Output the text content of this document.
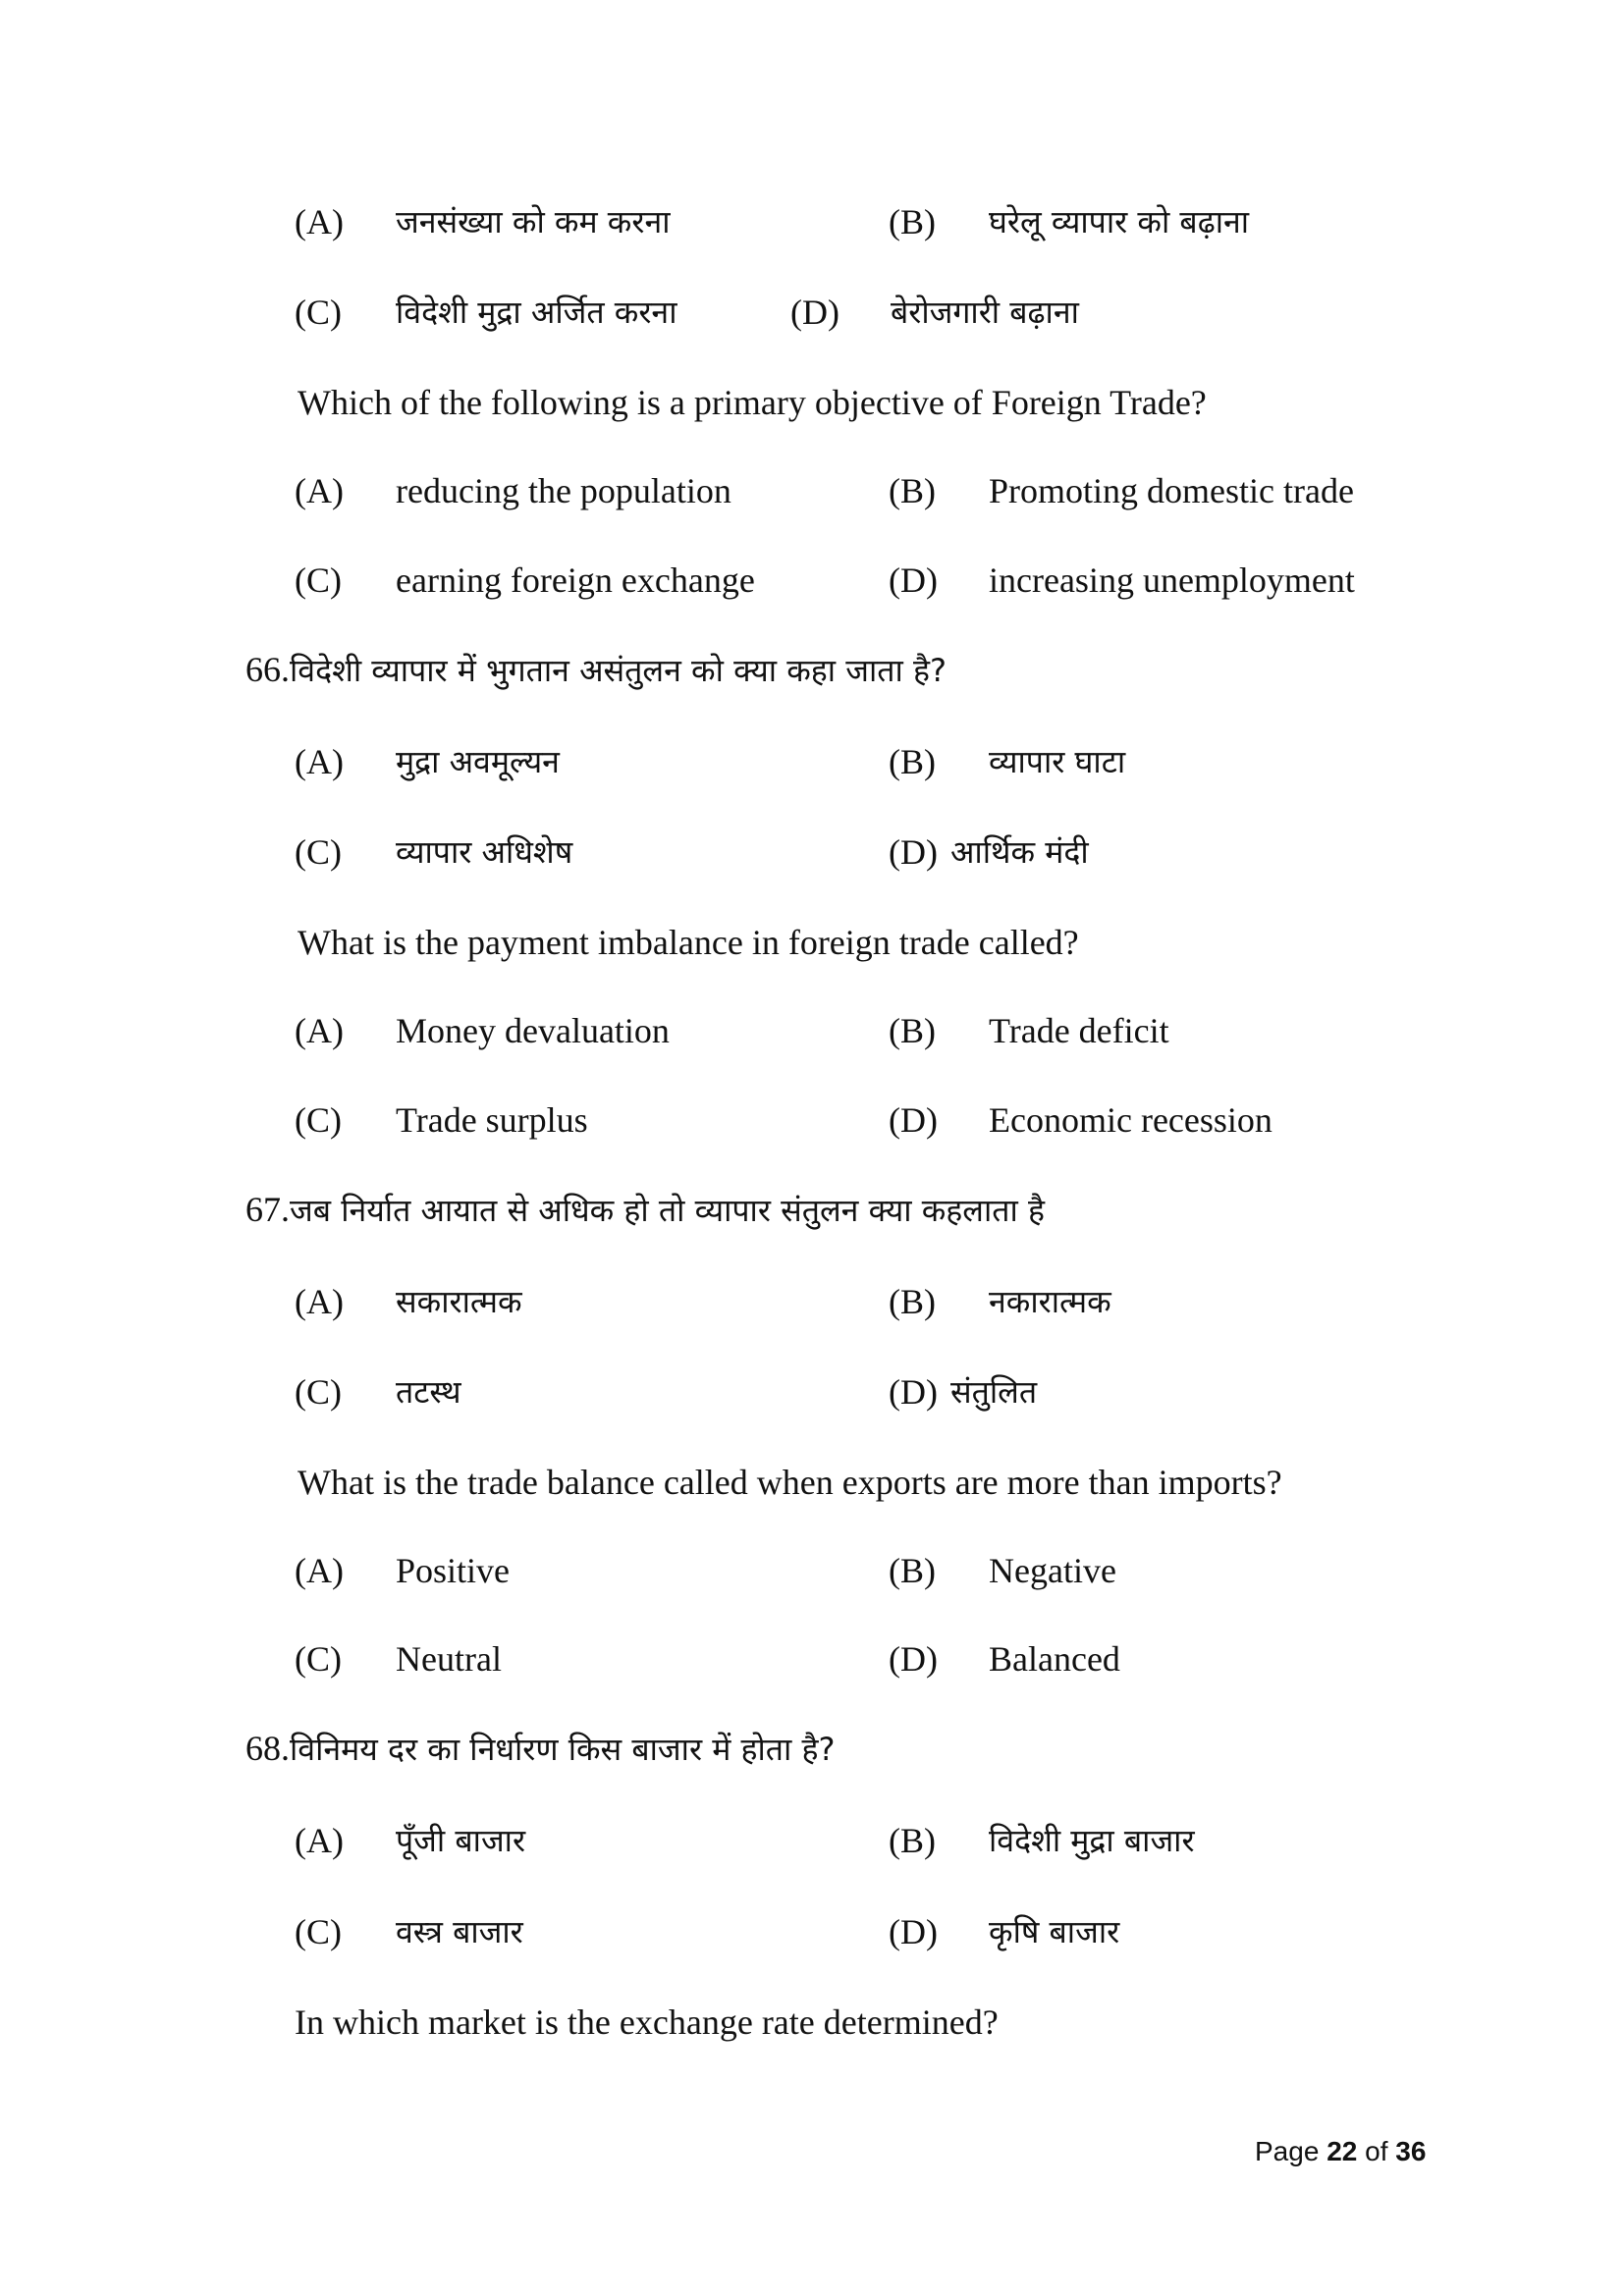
(A) जनसंख्या को कम करना	(B) घरेलू व्यापार को बढ़ाना
(C) विदेशी मुद्रा अर्जित करना	(D) बेरोजगारी बढ़ाना
Which of the following is a primary objective of Foreign Trade?
(A) reducing the population	(B) Promoting domestic trade
(C) earning foreign exchange	(D) increasing unemployment
66.विदेशी व्यापार में भुगतान असंतुलन को क्या कहा जाता है?
(A) मुद्रा अवमूल्यन	(B) व्यापार घाटा
(C) व्यापार अधिशेष	(D) आर्थिक मंदी
What is the payment imbalance in foreign trade called?
(A) Money devaluation	(B) Trade deficit
(C) Trade surplus	(D) Economic recession
67.जब निर्यात आयात से अधिक हो तो व्यापार संतुलन क्या कहलाता है
(A) सकारात्मक	(B) नकारात्मक
(C) तटस्थ	(D) संतुलित
What is the trade balance called when exports are more than imports?
(A) Positive	(B) Negative
(C) Neutral	(D) Balanced
68.विनिमय दर का निर्धारण किस बाजार में होता है?
(A) पूँजी बाजार	(B) विदेशी मुद्रा बाजार
(C) वस्त्र बाजार	(D) कृषि बाजार
In which market is the exchange rate determined?
Page 22 of 36
